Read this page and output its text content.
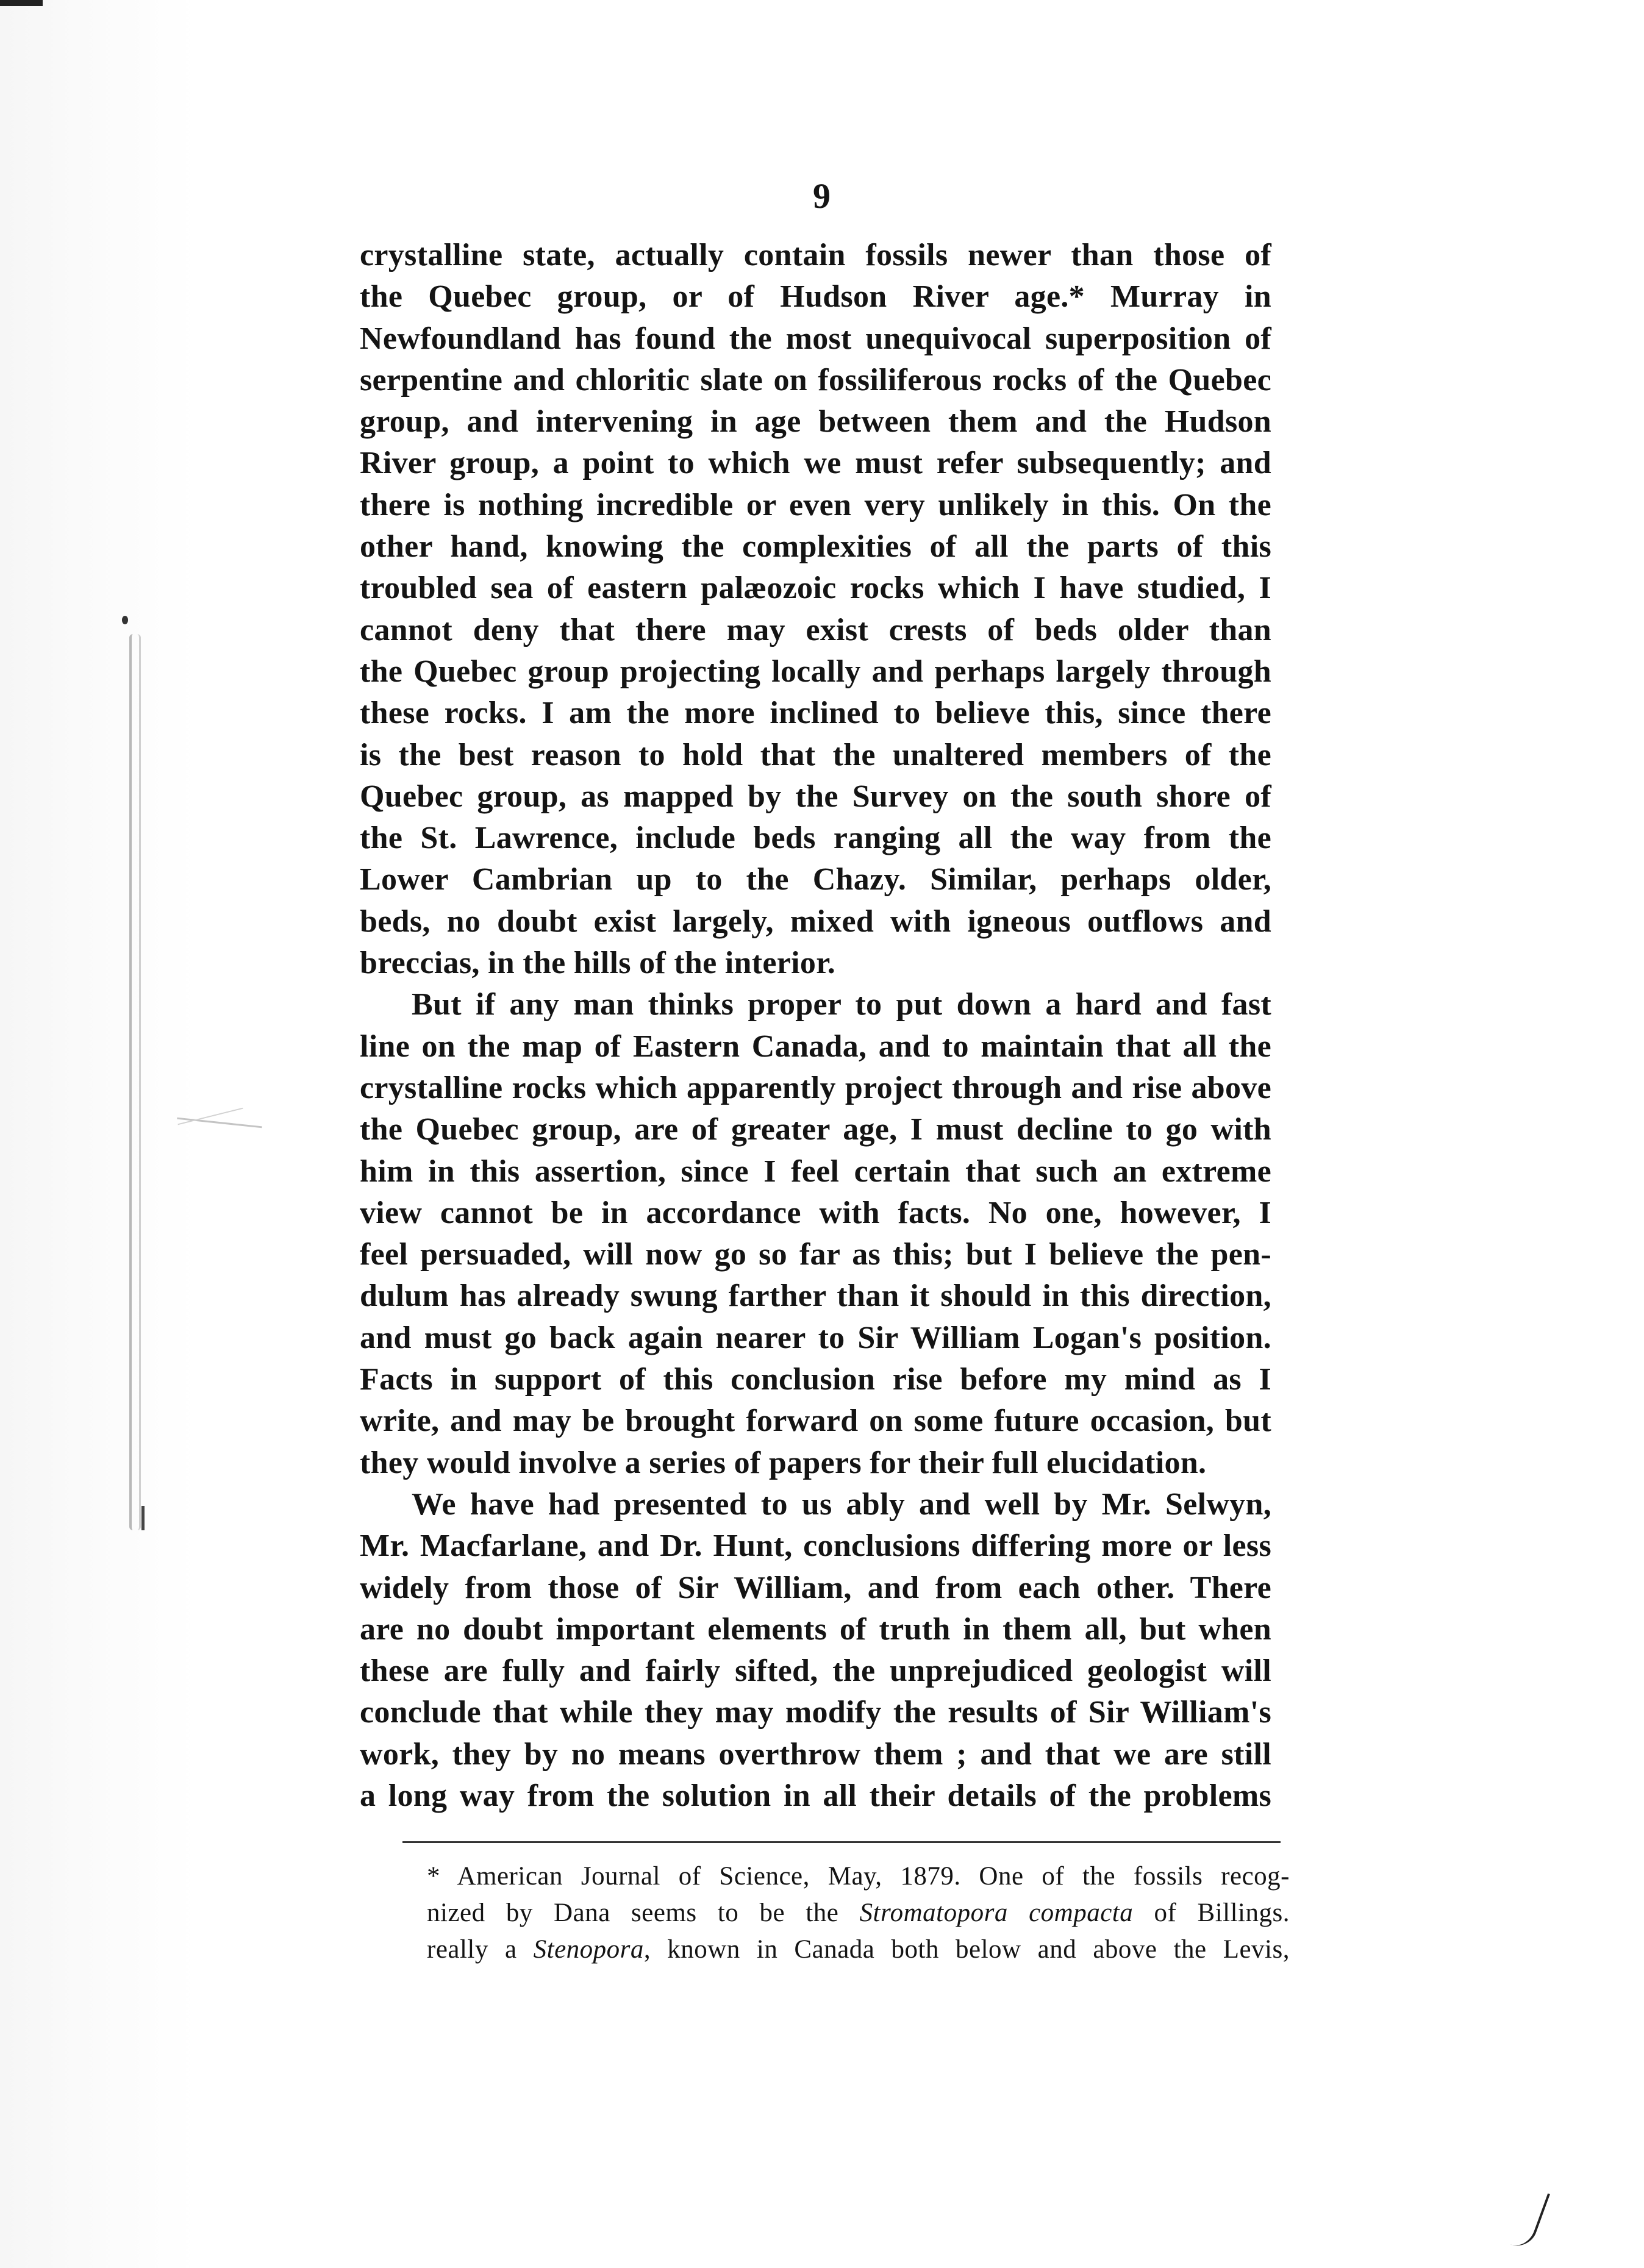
9
crystalline state, actually contain fossils newer than those of
the Quebec group, or of Hudson River age.* Murray in
Newfoundland has found the most unequivocal superposition of
serpentine and chloritic slate on fossiliferous rocks of the Quebec
group, and intervening in age between them and the Hudson
River group, a point to which we must refer subsequently; and
there is nothing incredible or even very unlikely in this. On the
other hand, knowing the complexities of all the parts of this
troubled sea of eastern palæozoic rocks which I have studied, I
cannot deny that there may exist crests of beds older than
the Quebec group projecting locally and perhaps largely through
these rocks. I am the more inclined to believe this, since there
is the best reason to hold that the unaltered members of the
Quebec group, as mapped by the Survey on the south shore of
the St. Lawrence, include beds ranging all the way from the
Lower Cambrian up to the Chazy. Similar, perhaps older,
beds, no doubt exist largely, mixed with igneous outflows and
breccias, in the hills of the interior.
But if any man thinks proper to put down a hard and fast
line on the map of Eastern Canada, and to maintain that all the
crystalline rocks which apparently project through and rise above
the Quebec group, are of greater age, I must decline to go with
him in this assertion, since I feel certain that such an extreme
view cannot be in accordance with facts. No one, however, I
feel persuaded, will now go so far as this; but I believe the pen-
dulum has already swung farther than it should in this direction,
and must go back again nearer to Sir William Logan's position.
Facts in support of this conclusion rise before my mind as I
write, and may be brought forward on some future occasion, but
they would involve a series of papers for their full elucidation.
We have had presented to us ably and well by Mr. Selwyn,
Mr. Macfarlane, and Dr. Hunt, conclusions differing more or less
widely from those of Sir William, and from each other. There
are no doubt important elements of truth in them all, but when
these are fully and fairly sifted, the unprejudiced geologist will
conclude that while they may modify the results of Sir William's
work, they by no means overthrow them ; and that we are still
a long way from the solution in all their details of the problems
* American Journal of Science, May, 1879. One of the fossils recog-
nized by Dana seems to be the Stromatopora compacta of Billings.
really a Stenopora, known in Canada both below and above the Levis,
